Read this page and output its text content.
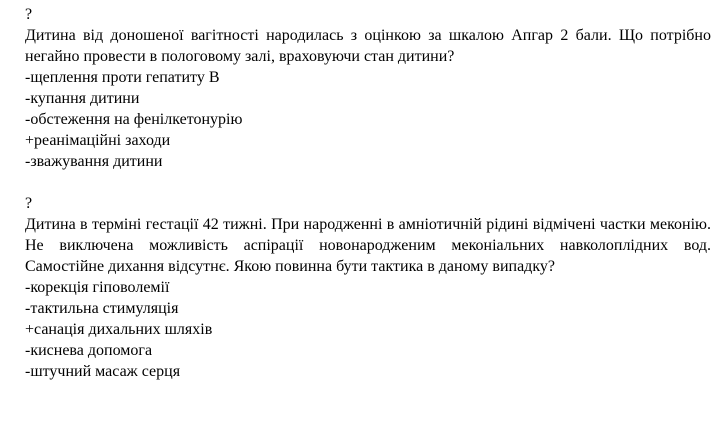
?
Дитина від доношеної вагітності народилась з оцінкою за шкалою Апгар 2 бали. Що потрібно негайно провести в пологовому залі, враховуючи стан дитини?
-щеплення проти гепатиту В
-купання дитини
-обстеження на фенілкетонурію
+реанімаційні заходи
-зважування дитини
?
Дитина в терміні гестації 42 тижні. При народженні в амніотичній рідині відмічені частки меконію. Не виключена можливість аспірації новонародженим меконіальних навколоплідних вод. Самостійне дихання відсутнє. Якою повинна бути тактика в даному випадку?
-корекція гіповолемії
-тактильна стимуляція
+санація дихальних шляхів
-киснева допомога
-штучний масаж серця
